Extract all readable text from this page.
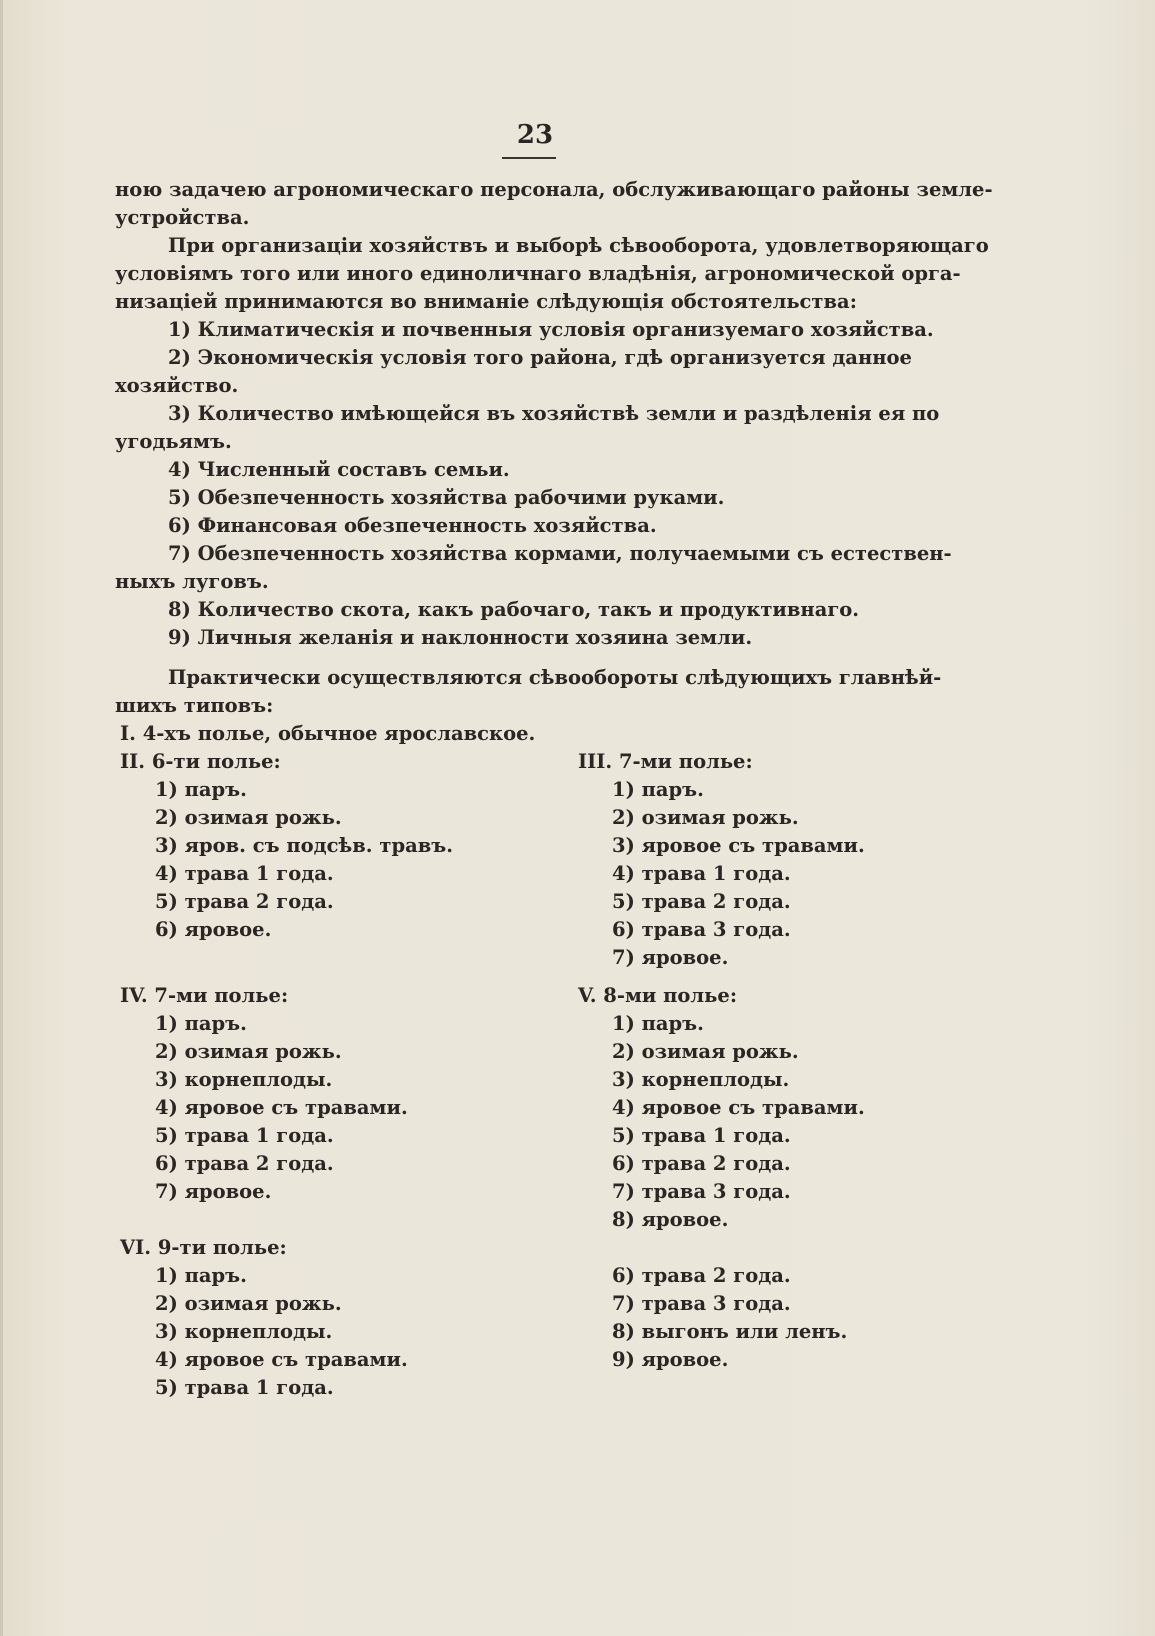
23
ною задачею агрономическаго персонала, обслуживающаго районы земле-
устройства.
При организацiи хозяйствъ и выборѣ сѣвооборота, удовлетворяющаго
условiямъ того или иного единоличнаго владѣнiя, агрономической орга-
низацiей принимаются во вниманiе слѣдующiя обстоятельства:
1) Климатическiя и почвенныя условiя организуемаго хозяйства.
2) Экономическiя условiя того района, гдѣ организуется данное
хозяйство.
3) Количество имѣющейся въ хозяйствѣ земли и раздѣленiя ея по
угодьямъ.
4) Численный составъ семьи.
5) Обезпеченность хозяйства рабочими руками.
6) Финансовая обезпеченность хозяйства.
7) Обезпеченность хозяйства кормами, получаемыми съ естествен-
ныхъ луговъ.
8) Количество скота, какъ рабочаго, такъ и продуктивнаго.
9) Личныя желанiя и наклонности хозяина земли.
Практически осуществляются сѣвообороты слѣдующихъ главнѣй-
шихъ типовъ:
I. 4-хъ полье, обычное ярославское.
II. 6-ти полье:
1) паръ.
2) озимая рожь.
3) яров. съ подсѣв. травъ.
4) трава 1 года.
5) трава 2 года.
6) яровое.
III. 7-ми полье:
1) паръ.
2) озимая рожь.
3) яровое съ травами.
4) трава 1 года.
5) трава 2 года.
6) трава 3 года.
7) яровое.
IV. 7-ми полье:
1) паръ.
2) озимая рожь.
3) корнеплоды.
4) яровое съ травами.
5) трава 1 года.
6) трава 2 года.
7) яровое.
V. 8-ми полье:
1) паръ.
2) озимая рожь.
3) корнеплоды.
4) яровое съ травами.
5) трава 1 года.
6) трава 2 года.
7) трава 3 года.
8) яровое.
VI. 9-ти полье:
1) паръ.
2) озимая рожь.
3) корнеплоды.
4) яровое съ травами.
5) трава 1 года.
6) трава 2 года.
7) трава 3 года.
8) выгонъ или ленъ.
9) яровое.
